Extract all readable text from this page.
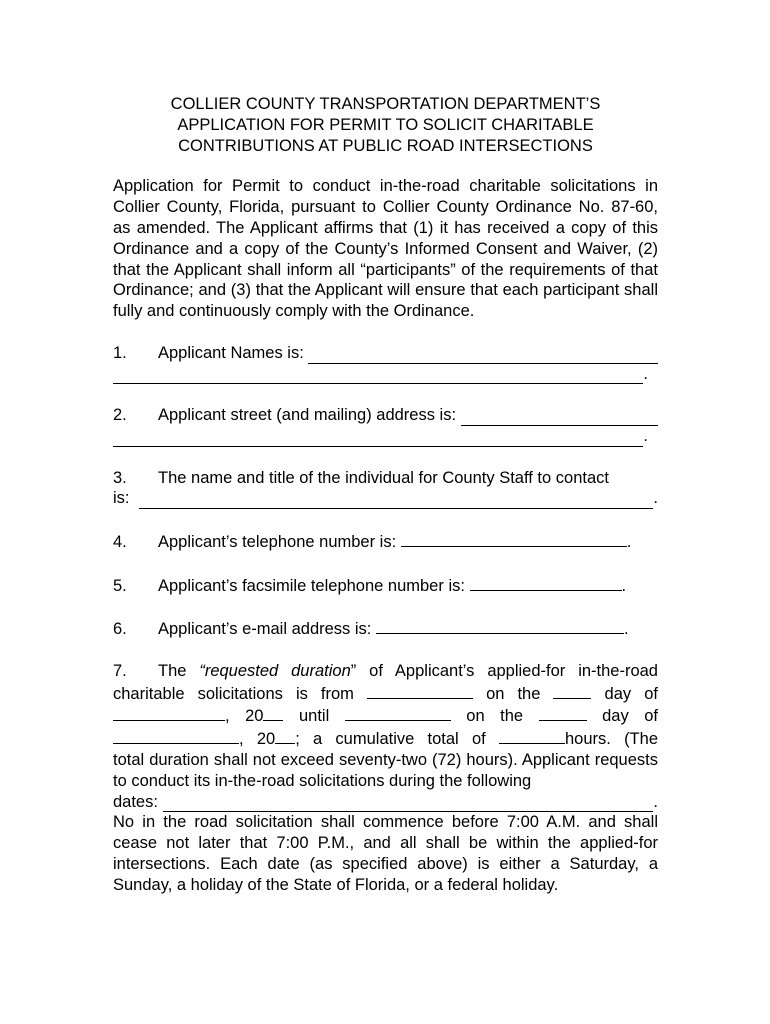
COLLIER COUNTY TRANSPORTATION DEPARTMENT’S
APPLICATION FOR PERMIT TO SOLICIT CHARITABLE
CONTRIBUTIONS AT PUBLIC ROAD INTERSECTIONS

Application for Permit to conduct in-the-road charitable solicitations in Collier County, Florida, pursuant to Collier County Ordinance No. 87-60, as amended. The Applicant affirms that (1) it has received a copy of this Ordinance and a copy of the County’s Informed Consent and Waiver, (2) that the Applicant shall inform all “participants” of the requirements of that Ordinance; and (3) that the Applicant will ensure that each participant shall fully and continuously comply with the Ordinance.

1.	Applicant Names is:

.
2.	Applicant street (and mailing) address is:

.
3. The name and title of the individual for County Staff to contact
is:
	.
4. Applicant’s telephone number is:	.
5. Applicant’s facsimile telephone number is:	.
6. Applicant’s e-mail address is:	.
7. The “requested duration” of Applicant’s applied-for in-the-road
charitable solicitations is from	on the	day of
, 20 until	on the	day of
, 20 ; a cumulative total of	hours. (The

total duration shall not exceed seventy-two (72) hours). Applicant requests to conduct its in-the-road solicitations during the following

dates:
	.

No in the road solicitation shall commence before 7:00 A.M. and shall cease not later that 7:00 P.M., and all shall be within the applied-for intersections. Each date (as specified above) is either a Saturday, a Sunday, a holiday of the State of Florida, or a federal holiday.
